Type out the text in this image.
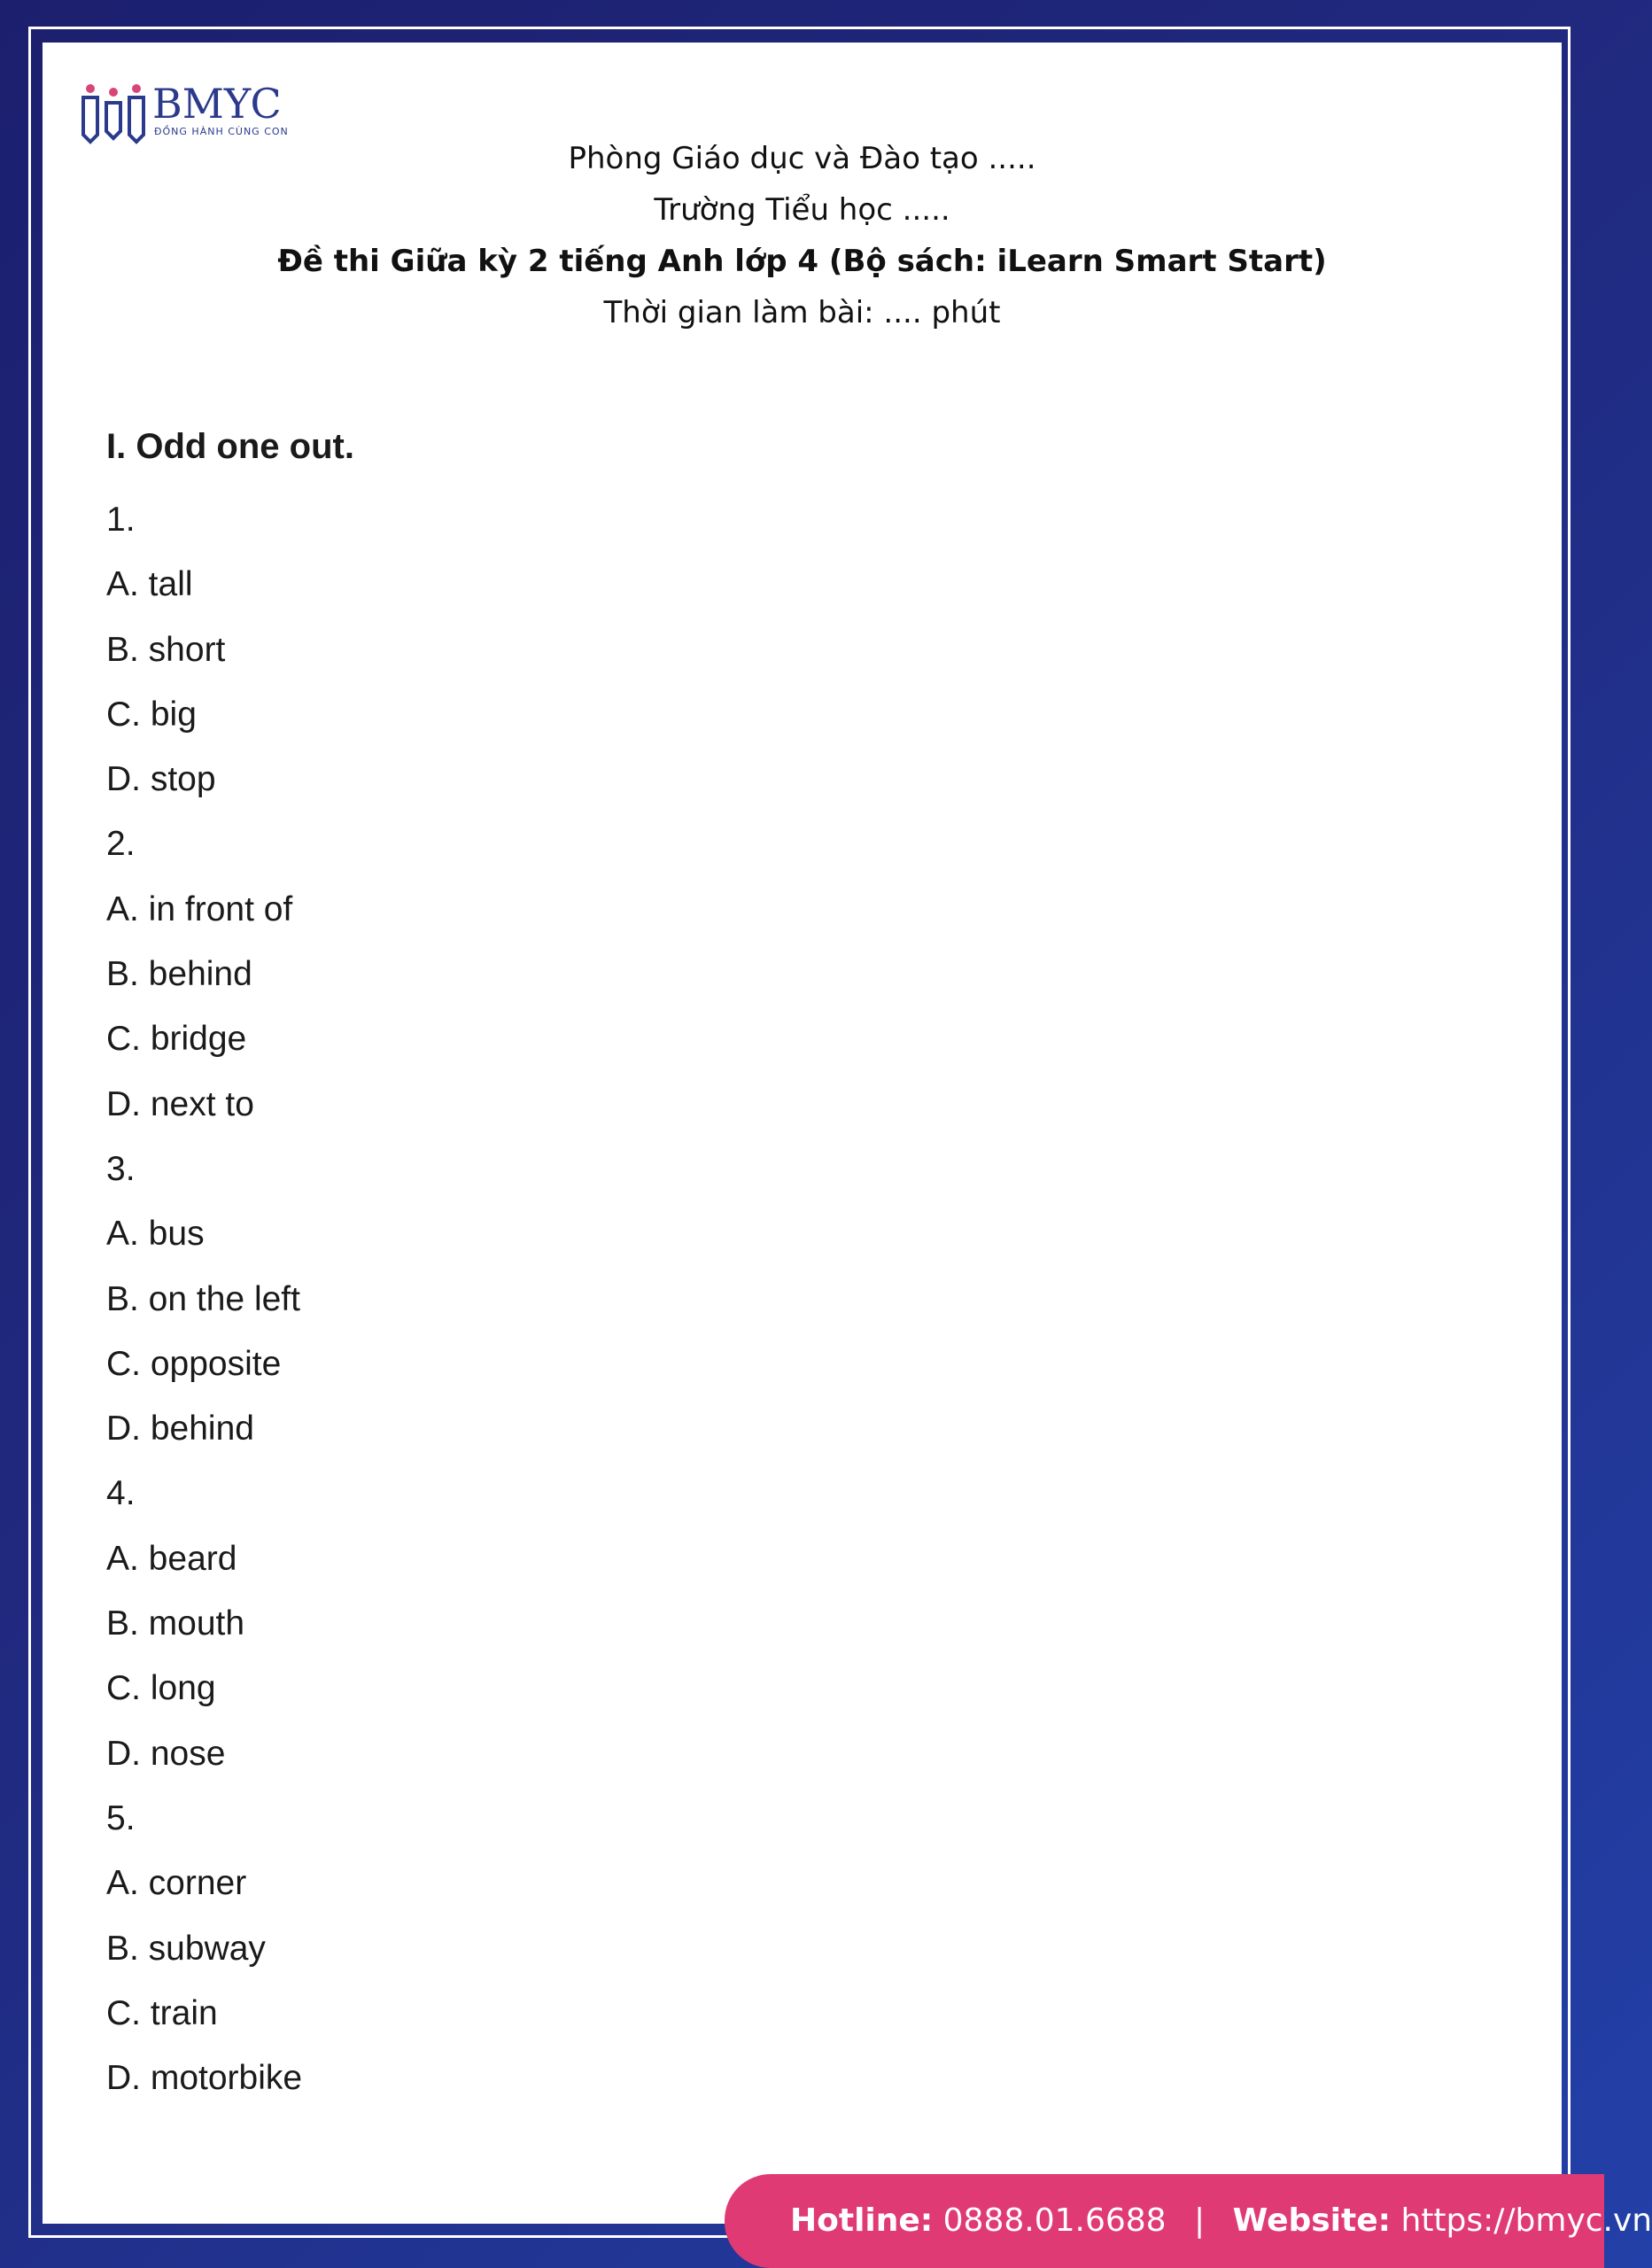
BMYC
ĐỒNG HÀNH CÙNG CON
Phòng Giáo dục và Đào tạo .....
Trường Tiểu học .....
Đề thi Giữa kỳ 2 tiếng Anh lớp 4 (Bộ sách: iLearn Smart Start)
Thời gian làm bài: .... phút
I. Odd one out.
1.
A. tall
B. short
C. big
D. stop
2.
A. in front of
B. behind
C. bridge
D. next to
3.
A. bus
B. on the left
C. opposite
D. behind
4.
A. beard
B. mouth
C. long
D. nose
5.
A. corner
B. subway
C. train
D. motorbike
Hotline: 0888.01.6688 | Website: https://bmyc.vn
